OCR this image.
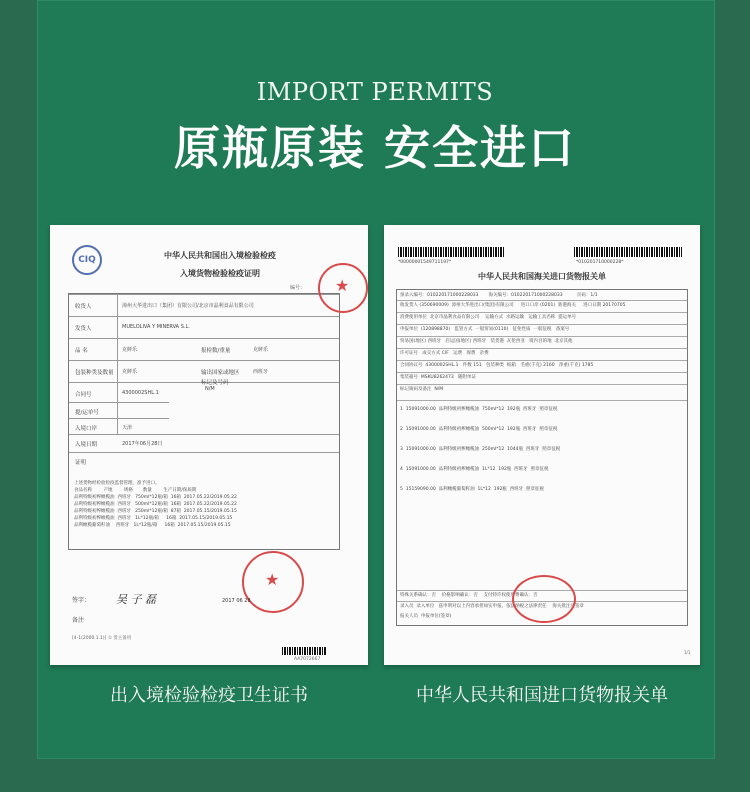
IMPORT PERMITS
原瓶原装 安全进口
CIQ	中华人民共和国出入境检验检疫
入境货物检验检疫证明
编号：
收货人	漳州大华进出口（集团）有限公司/北京市晶利食品有限公司
发货人	MUELOLIVA Y MINERVA S.L.
品 名	克鲜乐	报检数/重量	克鲜乐
包装种类及数量 克鲜乐	输出国家或地区	西班牙
合同号	4300002SHL.1
标记及号码
N/M
提/运单号
入境口岸	天津
入境日期	2017年06月28日
证明
上述货物经检验检疫监督管理，准予进口。
食品名称        产地        规格       数量        生产日期/保质期
品利特级初榨橄榄油  西班牙   750ml*12瓶/箱  16箱  2017.05.22/2019.05.22
品利特级初榨橄榄油  西班牙   500ml*12瓶/箱  16箱  2017.05.22/2019.05.22
品利特级初榨橄榄油  西班牙   250ml*12瓶/箱  87箱  2017.05.15/2019.05.15
品利特级初榨橄榄油  西班牙   1L*12瓶/箱     16箱  2017.05.15/2019.05.15
品利橄榄葡萄籽油    西班牙   1L*12瓶/箱     16箱  2017.05.15/2019.05.15
★
★
签字： 吴 子 磊	2017 06 28
备注
[4-1(2000.1.1)] ① 货主备用
AA7072667
*00000001549711197*	*010201710000228*
中华人民共和国海关进口货物报关单
预录入编号：010220171000228033       海关编号：010220171000228033          页码：1/1
收发货人 (350690009)  漳州大华进出口(集团)有限公司     进口口岸 (0201)  新港海关     进口日期 20170705
消费使用单位  北京市晶利食品有限公司    运输方式  水路运输   运输工具名称  提运单号
申报单位  (120898870)   监管方式  一般贸易(0110)   征免性质  一般征税   备案号
贸易国(地区) 西班牙   启运国(地区) 西班牙   装货港  瓦伦西亚   境内目的地  北京其他
许可证号   成交方式 CIF   运费   保费   杂费
合同协议号  4300002SHL.1   件数 151   包装种类  纸箱   毛重(千克) 2160   净重(千克) 1785
集装箱号  MSKU8262473   随附单证
标记唛码及备注  N/M
1  15091000.00  品利特级初榨橄榄油  750ml*12  192瓶  西班牙  照章征税
2  15091000.00  品利特级初榨橄榄油  500ml*12  192瓶  西班牙  照章征税
3  15091000.00  品利特级初榨橄榄油  250ml*12  1044瓶  西班牙  照章征税
4  15091000.00  品利特级初榨橄榄油  1L*12  192瓶  西班牙  照章征税
5  15159090.00  品利橄榄葡萄籽油  1L*12  192瓶  西班牙  照章征税
特殊关系确认：否    价格影响确认：否    支付特许权使用费确认：否
录入员  录入单位   兹申明对以上内容承担如实申报、依法纳税之法律责任    海关批注及签章
报关人员  申报单位(签章)
1/1
出入境检验检疫卫生证书	中华人民共和国进口货物报关单
